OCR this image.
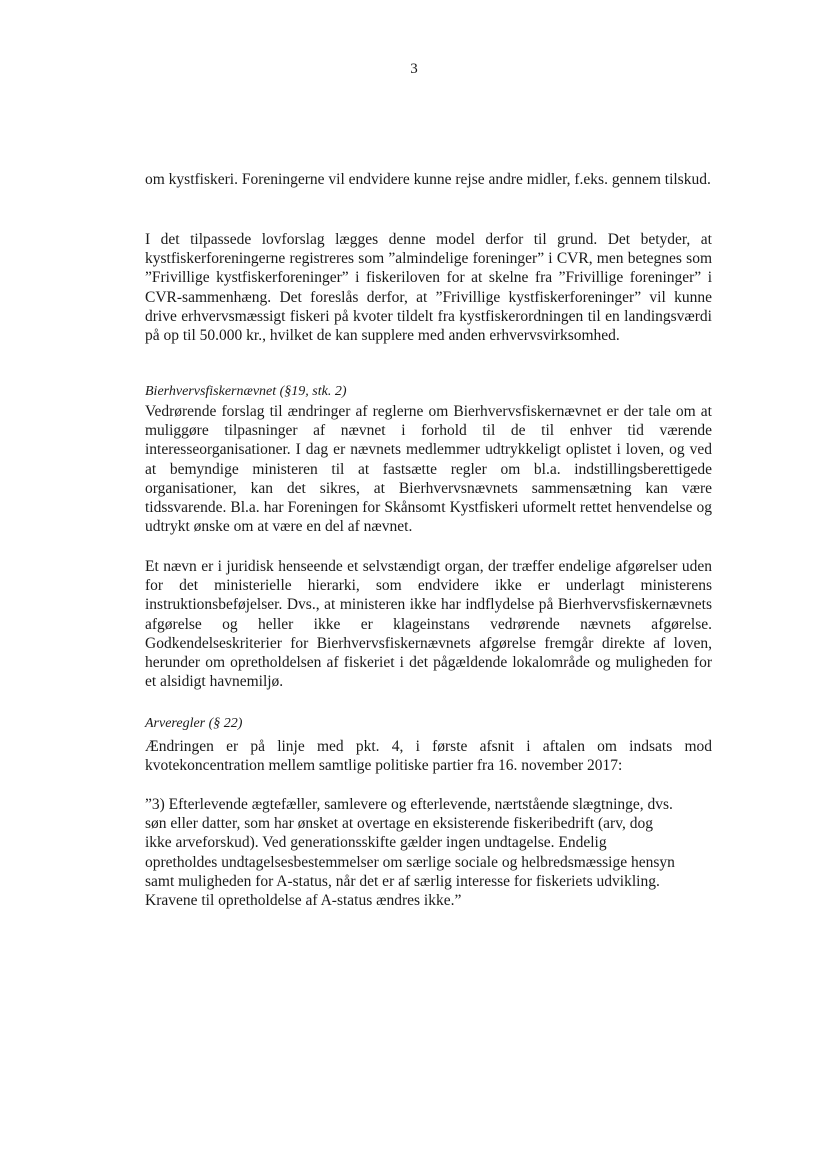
3

om kystfiskeri. Foreningerne vil endvidere kunne rejse andre midler, f.eks. gennem tilskud.

I det tilpassede lovforslag lægges denne model derfor til grund. Det betyder, at kystfiskerforeningerne registreres som ”almindelige foreninger” i CVR, men betegnes som ”Frivillige kystfiskerforeninger” i fiskeriloven for at skelne fra ”Frivillige foreninger” i CVR-sammenhæng. Det foreslås derfor, at ”Frivillige kystfiskerforeninger” vil kunne drive erhvervsmæssigt fiskeri på kvoter tildelt fra kystfiskerordningen til en landingsværdi på op til 50.000 kr., hvilket de kan supplere med anden erhvervsvirksomhed.

Bierhvervsfiskernævnet (§19, stk. 2)

Vedrørende forslag til ændringer af reglerne om Bierhvervsfiskernævnet er der tale om at muliggøre tilpasninger af nævnet i forhold til de til enhver tid værende interesseorganisationer. I dag er nævnets medlemmer udtrykkeligt oplistet i loven, og ved at bemyndige ministeren til at fastsætte regler om bl.a. indstillingsberettigede organisationer, kan det sikres, at Bierhvervsnævnets sammensætning kan være tidssvarende. Bl.a. har Foreningen for Skånsomt Kystfiskeri uformelt rettet henvendelse og udtrykt ønske om at være en del af nævnet.

Et nævn er i juridisk henseende et selvstændigt organ, der træffer endelige afgørelser uden for det ministerielle hierarki, som endvidere ikke er underlagt ministerens instruktionsbeføjelser. Dvs., at ministeren ikke har indflydelse på Bierhvervsfiskernævnets afgørelse og heller ikke er klageinstans vedrørende nævnets afgørelse. Godkendelseskriterier for Bierhvervsfiskernævnets afgørelse fremgår direkte af loven, herunder om opretholdelsen af fiskeriet i det pågældende lokalområde og muligheden for et alsidigt havnemiljø.

Arveregler (§ 22)

Ændringen er på linje med pkt. 4, i første afsnit i aftalen om indsats mod kvotekoncentration mellem samtlige politiske partier fra 16. november 2017:

”3) Efterlevende ægtefæller, samlevere og efterlevende, nærtstående slægtninge, dvs.
søn eller datter, som har ønsket at overtage en eksisterende fiskeribedrift (arv, dog
ikke arveforskud). Ved generationsskifte gælder ingen undtagelse. Endelig
opretholdes undtagelsesbestemmelser om særlige sociale og helbredsmæssige hensyn
samt muligheden for A-status, når det er af særlig interesse for fiskeriets udvikling.
Kravene til opretholdelse af A-status ændres ikke.”
